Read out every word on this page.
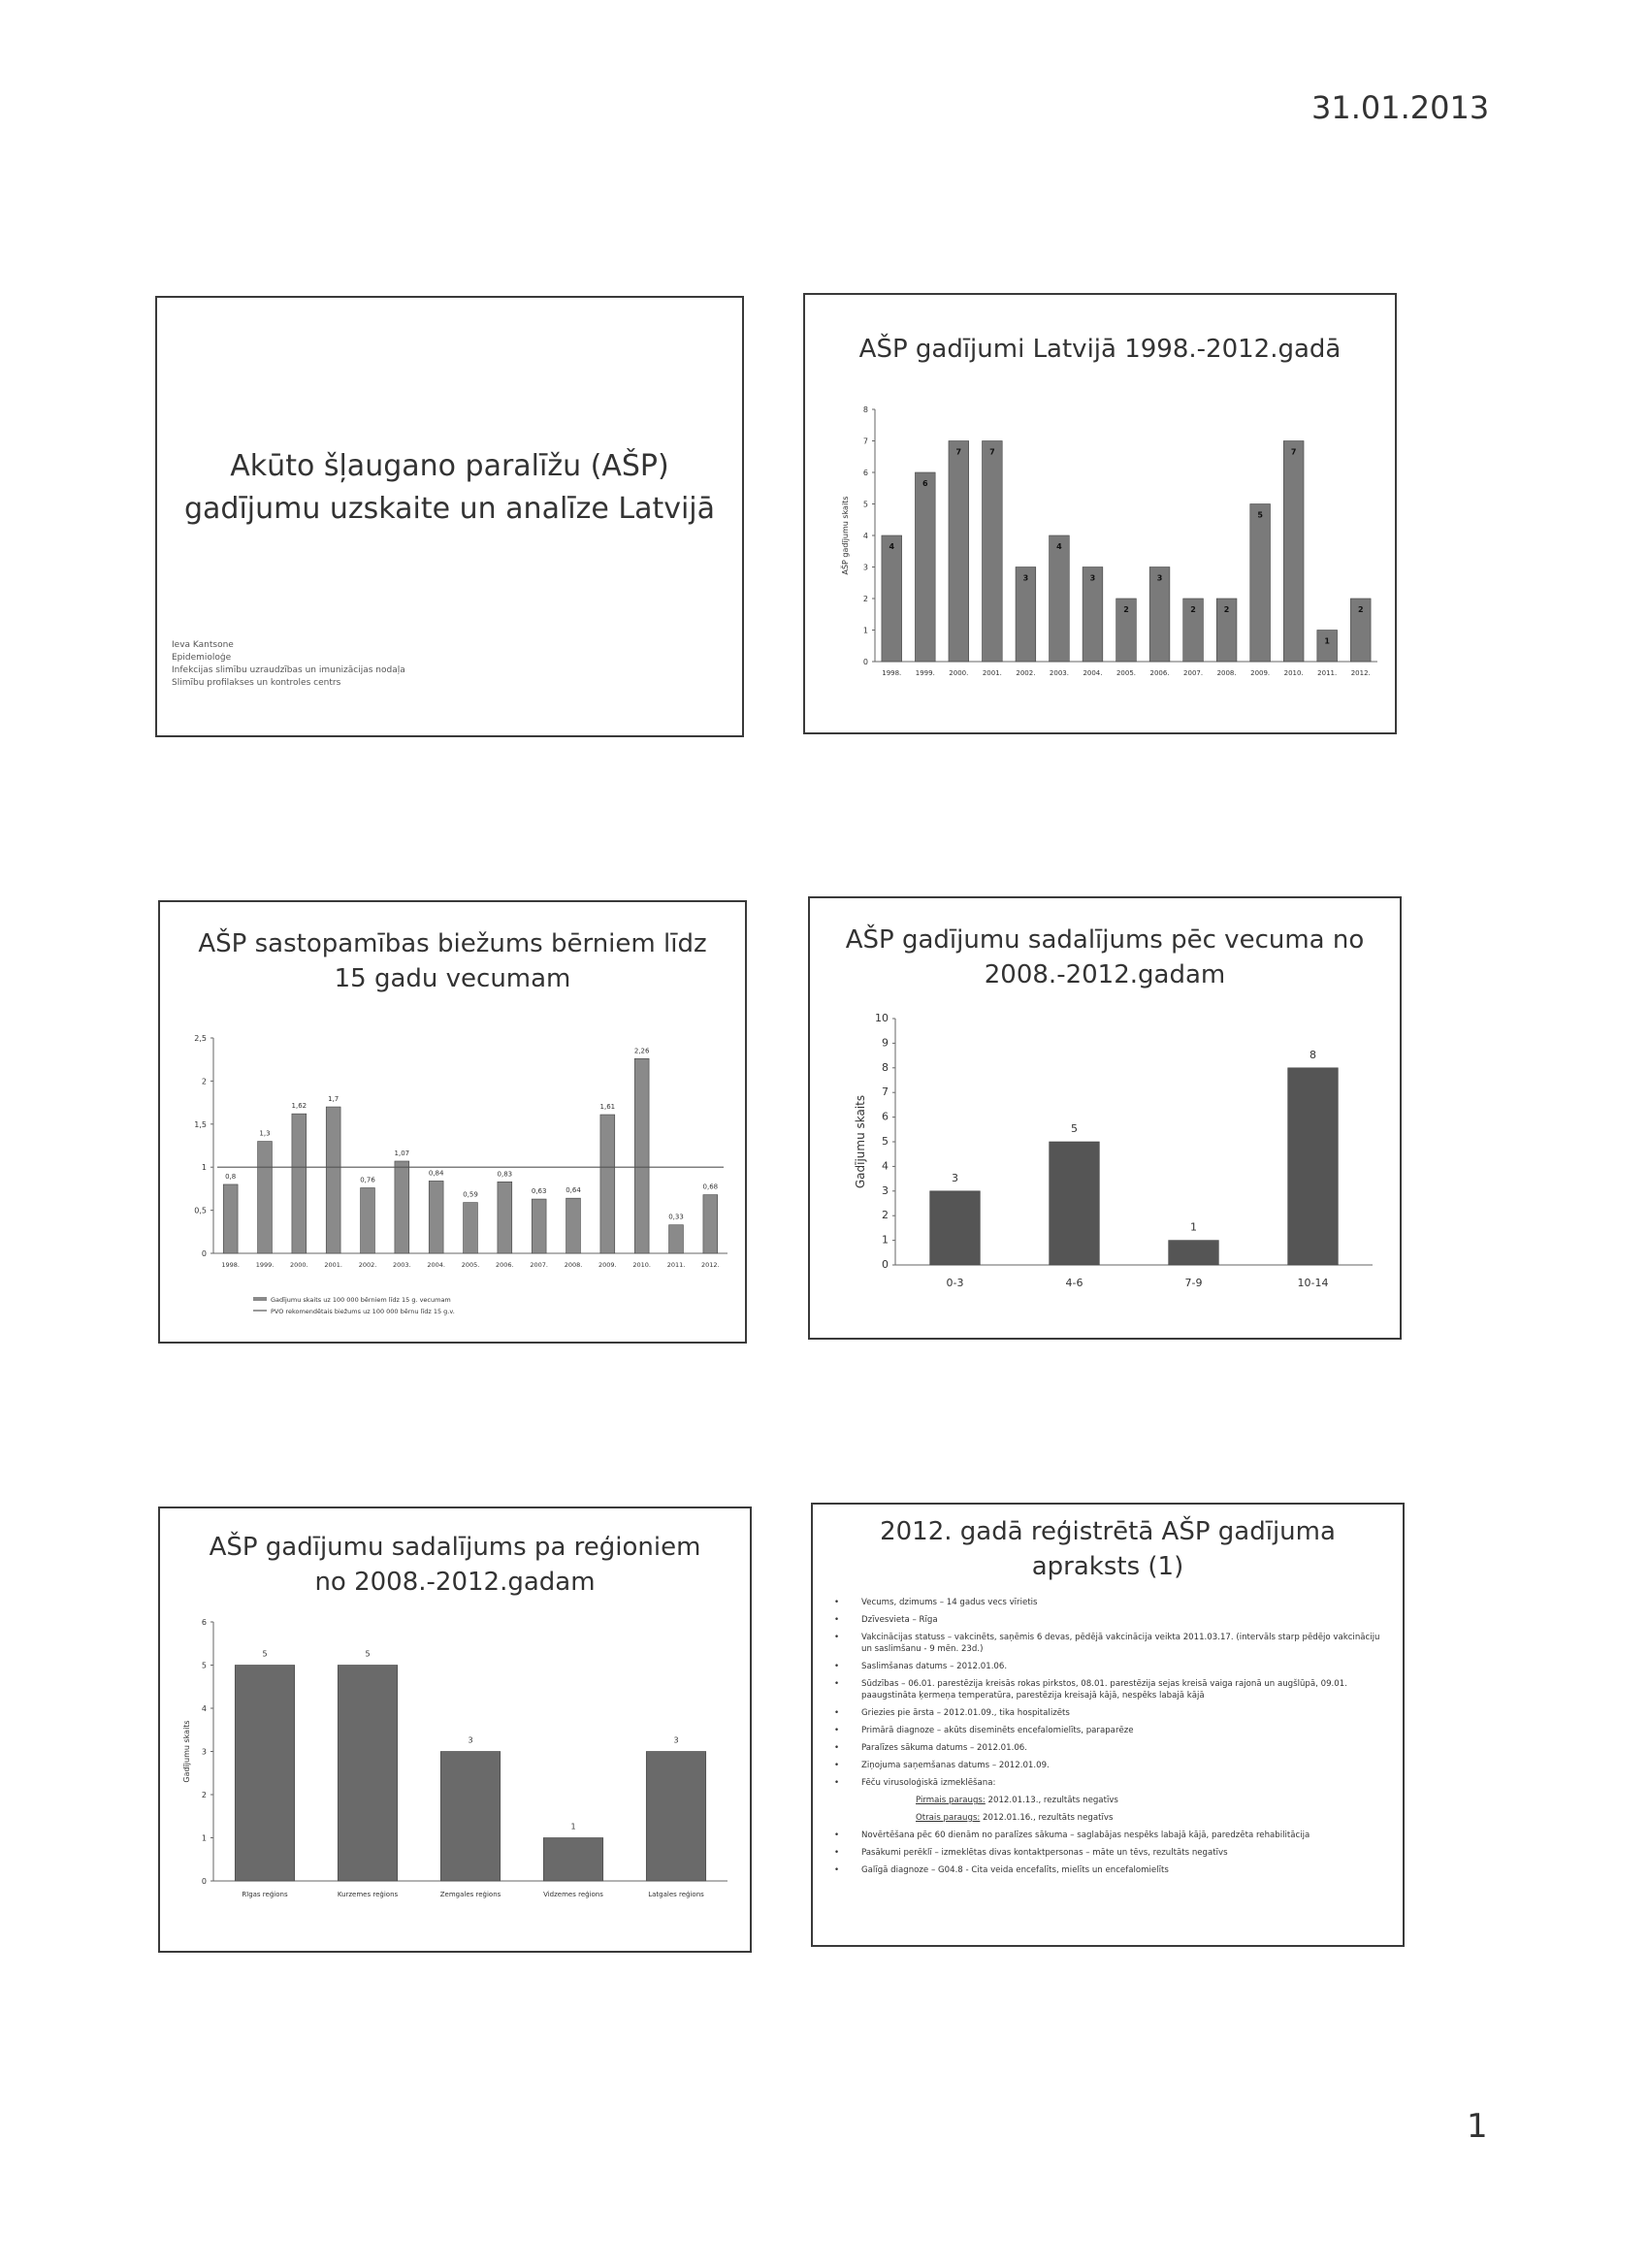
31.01.2013
Akūto šļaugano paralīžu (AŠP)
gadījumu uzskaite un analīze Latvijā
Ieva Kantsone
Epidemioloģe
Infekcijas slimību uzraudzības un imunizācijas nodaļa
Slimību profilakses un kontroles centrs
AŠP gadījumi Latvijā 1998.-2012.gadā
0
1
2
3
4
5
6
7
8
AŠP gadījumu skaits	4
1998.
6
1999.
7
2000.
7
2001.
3
2002.
4
2003.
3
2004.
2
2005.
3
2006.
2
2007.
2
2008.
5
2009.
7
2010.
1
2011.
2
2012.
AŠP sastopamības biežums bērniem līdz
15 gadu vecumam
0
0,5
1
1,5
2
2,5
0,8
1998.
1,3
1999.
1,62
2000.
1,7
2001.
0,76
2002.
1,07
2003.
0,84
2004.
0,59
2005.
0,83
2006.
0,63
2007.
0,64
2008.
1,61
2009.
2,26
2010.
0,33
2011.
0,68
2012.
Gadījumu skaits uz 100 000 bērniem līdz 15 g. vecumam
PVO rekomendētais biežums uz 100 000 bērnu līdz 15 g.v.
AŠP gadījumu sadalījums pēc vecuma no
2008.-2012.gadam
0
1
2
3
4
5
6
7
8
9
10
Gadījumu skaits	3
0-3
5
4-6
1
7-9
8
10-14
AŠP gadījumu sadalījums pa reģioniem
no 2008.-2012.gadam
0
1
2
3
4
5
6
Gadījumu skaits
5
Rīgas reģions
5
Kurzemes reģions
3
Zemgales reģions
1
Vidzemes reģions
3
Latgales reģions
2012. gadā reģistrētā AŠP gadījuma
apraksts (1)
• Vecums, dzimums – 14 gadus vecs vīrietis
• Dzīvesvieta – Rīga
• Vakcinācijas statuss – vakcinēts, saņēmis 6 devas, pēdējā vakcinācija veikta 2011.03.17. (intervāls starp pēdējo vakcināciju un saslimšanu - 9 mēn. 23d.)
• Saslimšanas datums – 2012.01.06.
• Sūdzības – 06.01. parestēzija kreisās rokas pirkstos, 08.01. parestēzija sejas kreisā vaiga rajonā un augšlūpā, 09.01. paaugstināta ķermeņa temperatūra, parestēzija kreisajā kājā, nespēks labajā kājā
• Griezies pie ārsta – 2012.01.09., tika hospitalizēts
• Primārā diagnoze – akūts diseminēts encefalomielīts, paraparēze
• Paralīzes sākuma datums – 2012.01.06.
• Ziņojuma saņemšanas datums – 2012.01.09.
• Fēču virusoloģiskā izmeklēšana:
Pirmais paraugs: 2012.01.13., rezultāts negatīvs
Otrais paraugs: 2012.01.16., rezultāts negatīvs
• Novērtēšana pēc 60 dienām no paralīzes sākuma – saglabājas nespēks labajā kājā, paredzēta rehabilitācija
• Pasākumi perēklī – izmeklētas divas kontaktpersonas – māte un tēvs, rezultāts negatīvs
• Galīgā diagnoze – G04.8 - Cita veida encefalīts, mielīts un encefalomielīts
1
